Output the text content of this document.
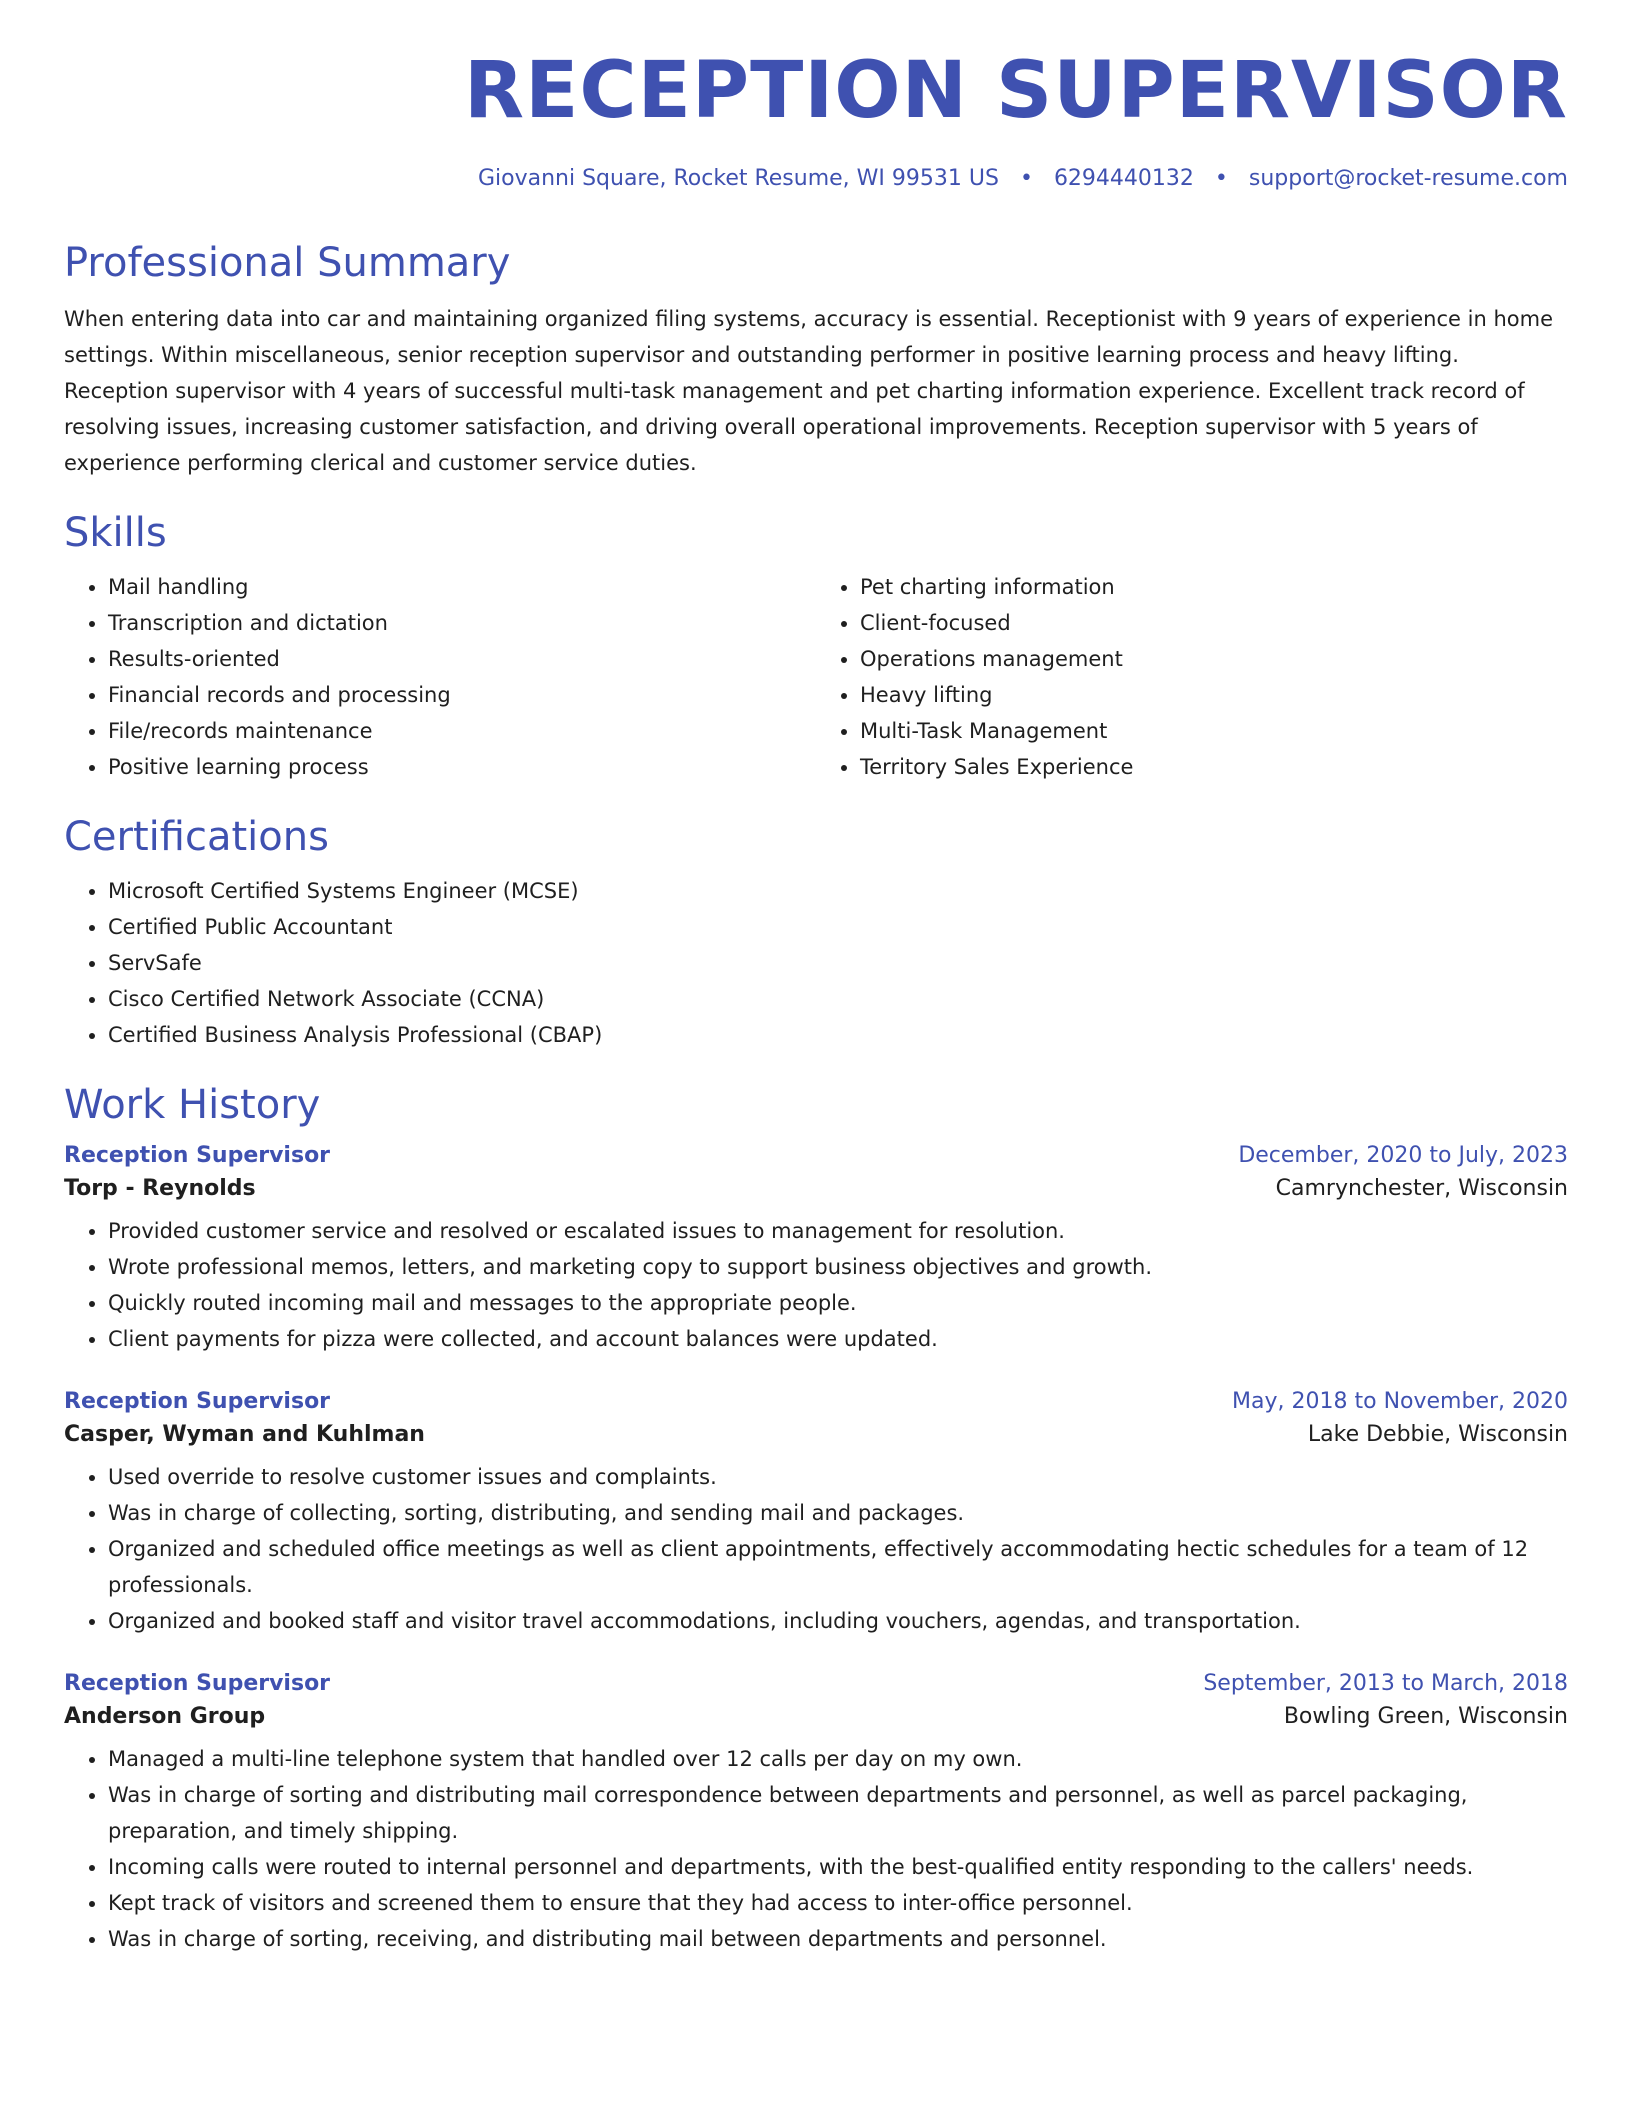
RECEPTION SUPERVISOR
Giovanni Square, Rocket Resume, WI 99531 US • 6294440132 • support@rocket-resume.com
Professional Summary

When entering data into car and maintaining organized filing systems, accuracy is essential. Receptionist with 9 years of experience in home settings. Within miscellaneous, senior reception supervisor and outstanding performer in positive learning process and heavy lifting. Reception supervisor with 4 years of successful multi-task management and pet charting information experience. Excellent track record of resolving issues, increasing customer satisfaction, and driving overall operational improvements. Reception supervisor with 5 years of experience performing clerical and customer service duties.

Skills
• Mail handling
• Transcription and dictation
• Results-oriented
• Financial records and processing
• File/records maintenance
• Positive learning process
• Pet charting information
• Client-focused
• Operations management
• Heavy lifting
• Multi-Task Management
• Territory Sales Experience
Certifications
• Microsoft Certified Systems Engineer (MCSE)
• Certified Public Accountant
• ServSafe
• Cisco Certified Network Associate (CCNA)
• Certified Business Analysis Professional (CBAP)
Work History
Reception Supervisor	December, 2020 to July, 2023
Torp - Reynolds	Camrynchester, Wisconsin
• Provided customer service and resolved or escalated issues to management for resolution.
• Wrote professional memos, letters, and marketing copy to support business objectives and growth.
• Quickly routed incoming mail and messages to the appropriate people.
• Client payments for pizza were collected, and account balances were updated.
Reception Supervisor	May, 2018 to November, 2020
Casper, Wyman and Kuhlman	Lake Debbie, Wisconsin
• Used override to resolve customer issues and complaints.
• Was in charge of collecting, sorting, distributing, and sending mail and packages.
• Organized and scheduled office meetings as well as client appointments, effectively accommodating hectic schedules for a team of 12 professionals.
• Organized and booked staff and visitor travel accommodations, including vouchers, agendas, and transportation.
Reception Supervisor	September, 2013 to March, 2018
Anderson Group	Bowling Green, Wisconsin
• Managed a multi-line telephone system that handled over 12 calls per day on my own.
• Was in charge of sorting and distributing mail correspondence between departments and personnel, as well as parcel packaging, preparation, and timely shipping.
• Incoming calls were routed to internal personnel and departments, with the best-qualified entity responding to the callers' needs.
• Kept track of visitors and screened them to ensure that they had access to inter-office personnel.
• Was in charge of sorting, receiving, and distributing mail between departments and personnel.
